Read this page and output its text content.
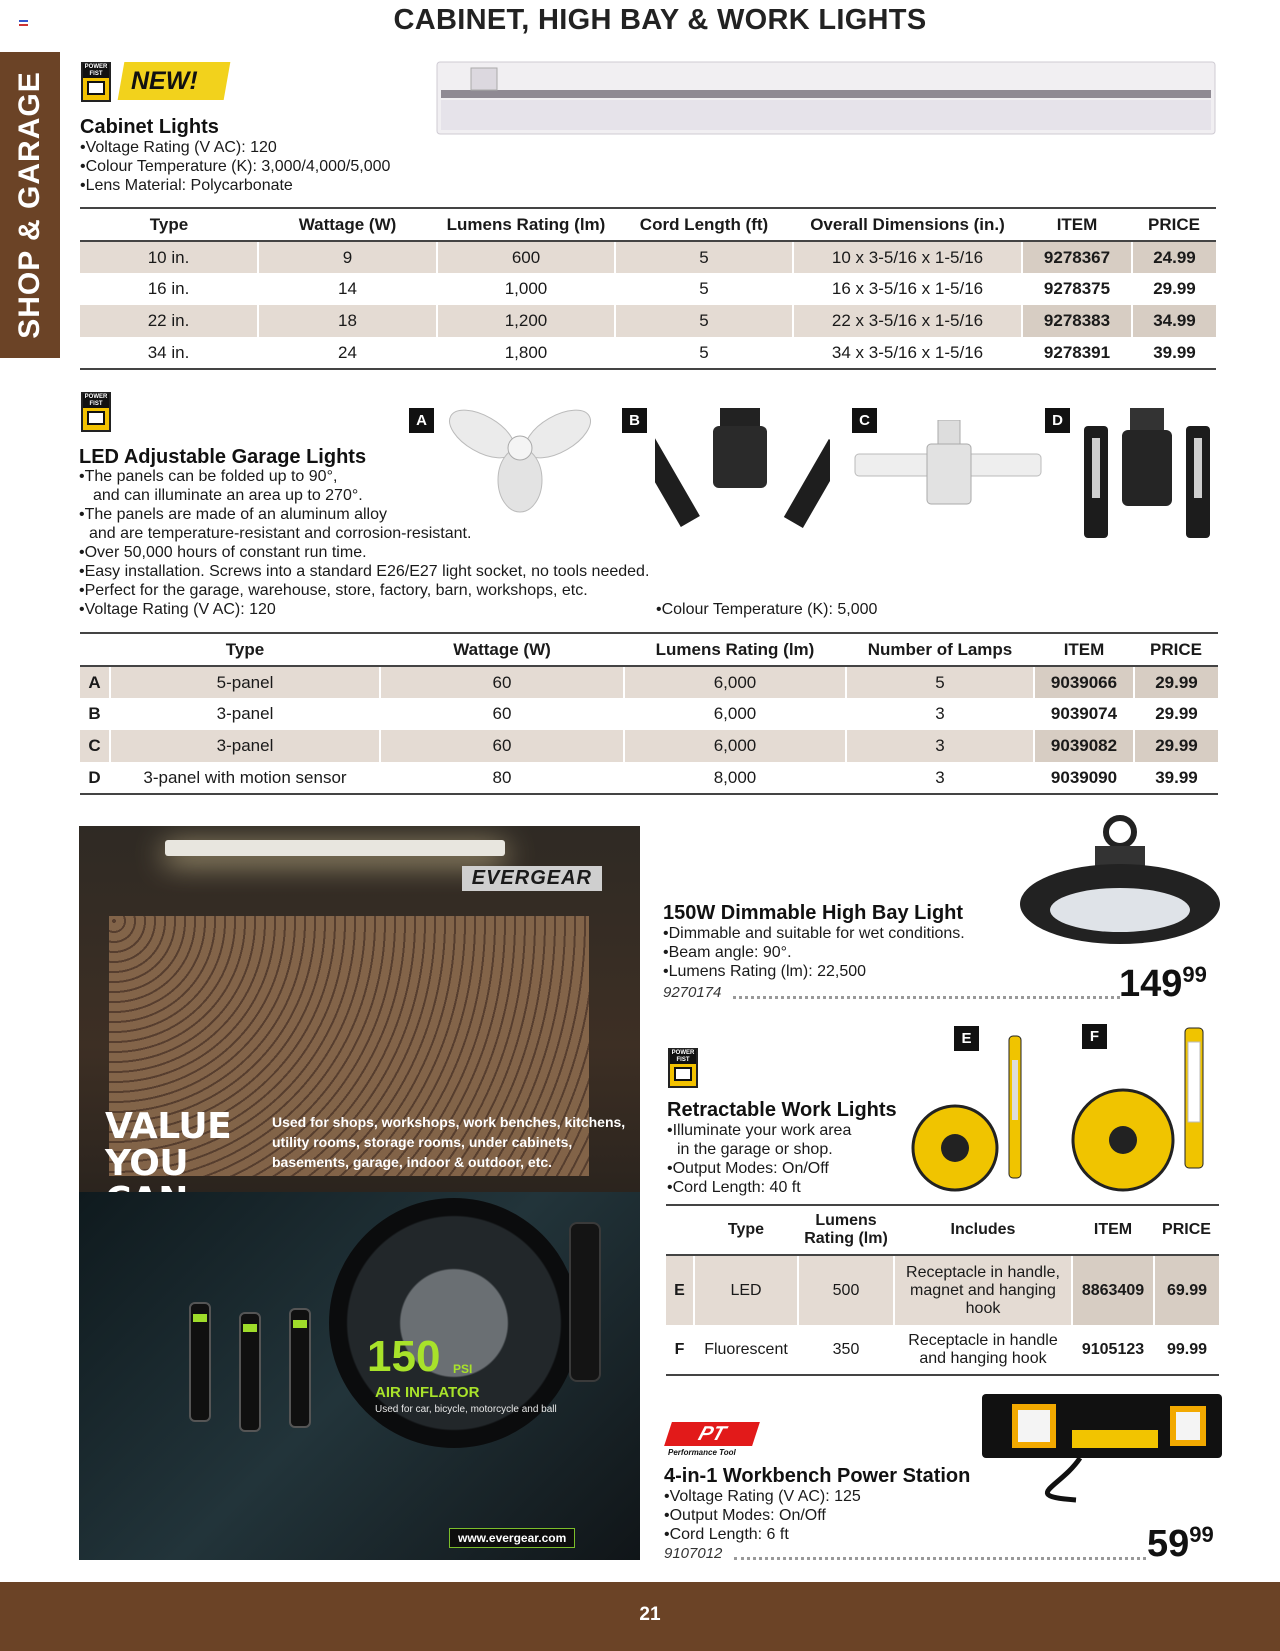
CABINET, HIGH BAY & WORK LIGHTS
SHOP & GARAGE
POWER
FIST	NEW!
Cabinet Lights
•Voltage Rating (V AC): 120
•Colour Temperature (K): 3,000/4,000/5,000
•Lens Material: Polycarbonate
Type	Wattage (W)	Lumens Rating (lm)	Cord Length (ft)	Overall Dimensions (in.)	ITEM	PRICE
10 in.	9	600	5	10 x 3-5/16 x 1-5/16	9278367	24.99
16 in.	14	1,000	5	16 x 3-5/16 x 1-5/16	9278375	29.99
22 in.	18	1,200	5	22 x 3-5/16 x 1-5/16	9278383	34.99
34 in.	24	1,800	5	34 x 3-5/16 x 1-5/16	9278391	39.99
POWER
FIST
A	B	C	D
LED Adjustable Garage Lights
•The panels can be folded up to 90°,
and can illuminate an area up to 270°.
•The panels are made of an aluminum alloy
and are temperature-resistant and corrosion-resistant.
•Over 50,000 hours of constant run time.
•Easy installation. Screws into a standard E26/E27 light socket, no tools needed.
•Perfect for the garage, warehouse, store, factory, barn, workshops, etc.
•Voltage Rating (V AC): 120	•Colour Temperature (K): 5,000
	Type	Wattage (W)	Lumens Rating (lm)	Number of Lamps	ITEM	PRICE
A	5-panel	60	6,000	5	9039066	29.99
B	3-panel	60	6,000	3	9039074	29.99
C	3-panel	60	6,000	3	9039082	29.99
D	3-panel with motion sensor	80	8,000	3	9039090	39.99
EVERGEAR
VALUE YOU
Used for shops, workshops, work benches, kitchens, utility rooms, storage rooms, under cabinets, basements, garage, indoor & outdoor, etc.
150 PSI
AIR INFLATOR
Used for car, bicycle, motorcycle and ball
www.evergear.com
150W Dimmable High Bay Light
•Dimmable and suitable for wet conditions.
•Beam angle: 90°.
•Lumens Rating (lm): 22,500
9270174	14999
POWER
FIST
E	F
Retractable Work Lights
•Illuminate your work area
in the garage or shop.
•Output Modes: On/Off
•Cord Length: 40 ft
	Type	Lumens Rating (lm)	Includes	ITEM	PRICE
E	LED	500	Receptacle in handle, magnet and hanging hook	8863409	69.99
F	Fluorescent	350	Receptacle in handle and hanging hook	9105123	99.99
PT
Performance Tool
4-in-1 Workbench Power Station
•Voltage Rating (V AC): 125
•Output Modes: On/Off
•Cord Length: 6 ft
9107012	5999
21
